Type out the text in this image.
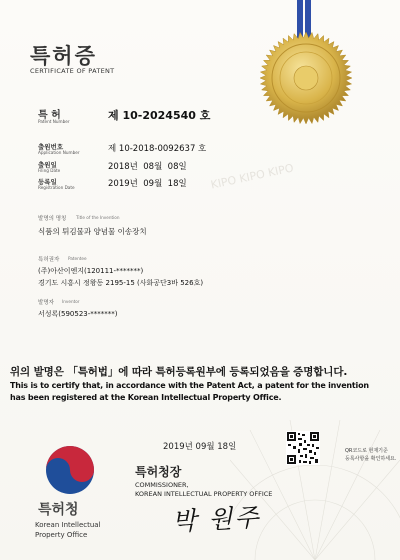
KIPO KIPO KIPO
특허증
CERTIFICATE OF PATENT
특 허
Patent Number	제 10-2024540 호
출원번호
Application Number	제 10-2018-0092637 호
출원일
Filing Date	2018년  08월  08일
등록일
Registration Date	2019년  09월  18일
발명의 명칭 Title of the Invention
식품의 튀김물과 양념물 이송장치
특허권자 Patentee
(주)아산이엔지(120111-*******)
경기도 시흥시 정왕동 2195-15 (사화공단3바 526호)
발명자 Inventor
서성록(590523-*******)
위의 발명은 「특허법」에 따라 특허등록원부에 등록되었음을 증명합니다.
This is to certify that, in accordance with the Patent Act, a patent for the invention
has been registered at the Korean Intellectual Property Office.
2019년 09월 18일	QR코드로 현재기준
등록사항을 확인하세요.
특허청장
COMMISSIONER,
KOREAN INTELLECTUAL PROPERTY OFFICE
박 원주
특허청
Korean Intellectual
Property Office
